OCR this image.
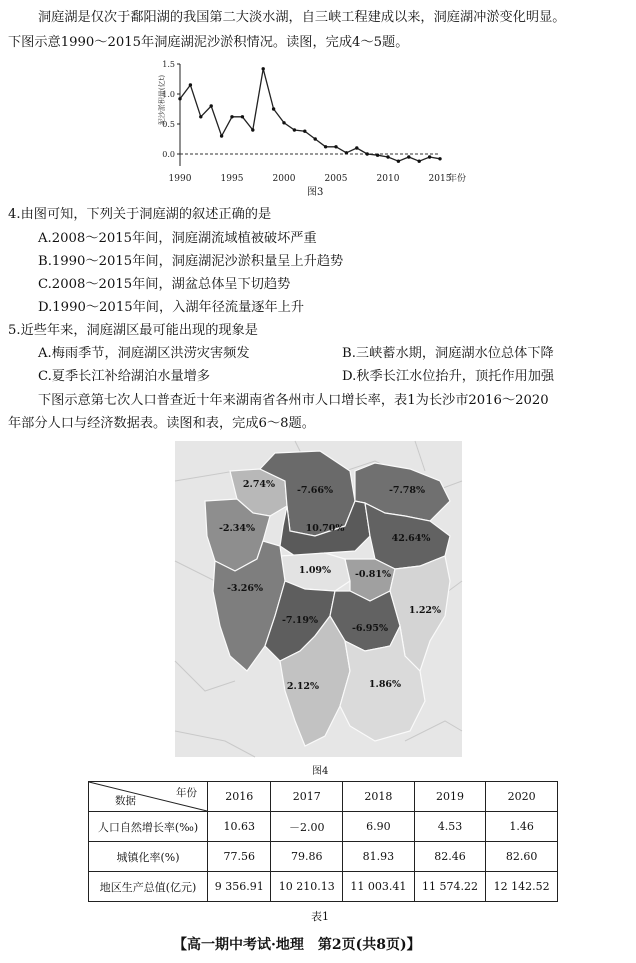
洞庭湖是仅次于鄱阳湖的我国第二大淡水湖，自三峡工程建成以来，洞庭湖冲淤变化明显。
下图示意1990～2015年洞庭湖泥沙淤积情况。读图，完成4～5题。
1.5
1.0
0.5
0.0
1990	1995	2000	2005	2010	2015
泥沙淤积量(亿t)
年份
图3
4.由图可知，下列关于洞庭湖的叙述正确的是
A.2008～2015年间，洞庭湖流域植被破坏严重
B.1990～2015年间，洞庭湖泥沙淤积量呈上升趋势
C.2008～2015年间，湖盆总体呈下切趋势
D.1990～2015年间，入湖年径流量逐年上升
5.近些年来，洞庭湖区最可能出现的现象是
A.梅雨季节，洞庭湖区洪涝灾害频发	B.三峡蓄水期，洞庭湖水位总体下降
C.夏季长江补给湖泊水量增多	D.秋季长江水位抬升，顶托作用加强
下图示意第七次人口普查近十年来湖南省各州市人口增长率，表1为长沙市2016～2020
年部分人口与经济数据表。读图和表，完成6～8题。
2.74%
-7.66%	-7.78%
-2.34%	10.70%
42.64%
1.09%	-0.81%
-3.26%
1.22%
-7.19%
-6.95%
2.12%	1.86%
图4
年份
数据	2016	2017	2018	2019	2020
人口自然增长率(‰)	10.63	－2.00	6.90	4.53	1.46
城镇化率(%)	77.56	79.86	81.93	82.46	82.60
地区生产总值(亿元)	9 356.91	10 210.13	11 003.41	11 574.22	12 142.52
表1
【高一期中考试·地理　第2页(共8页)】
